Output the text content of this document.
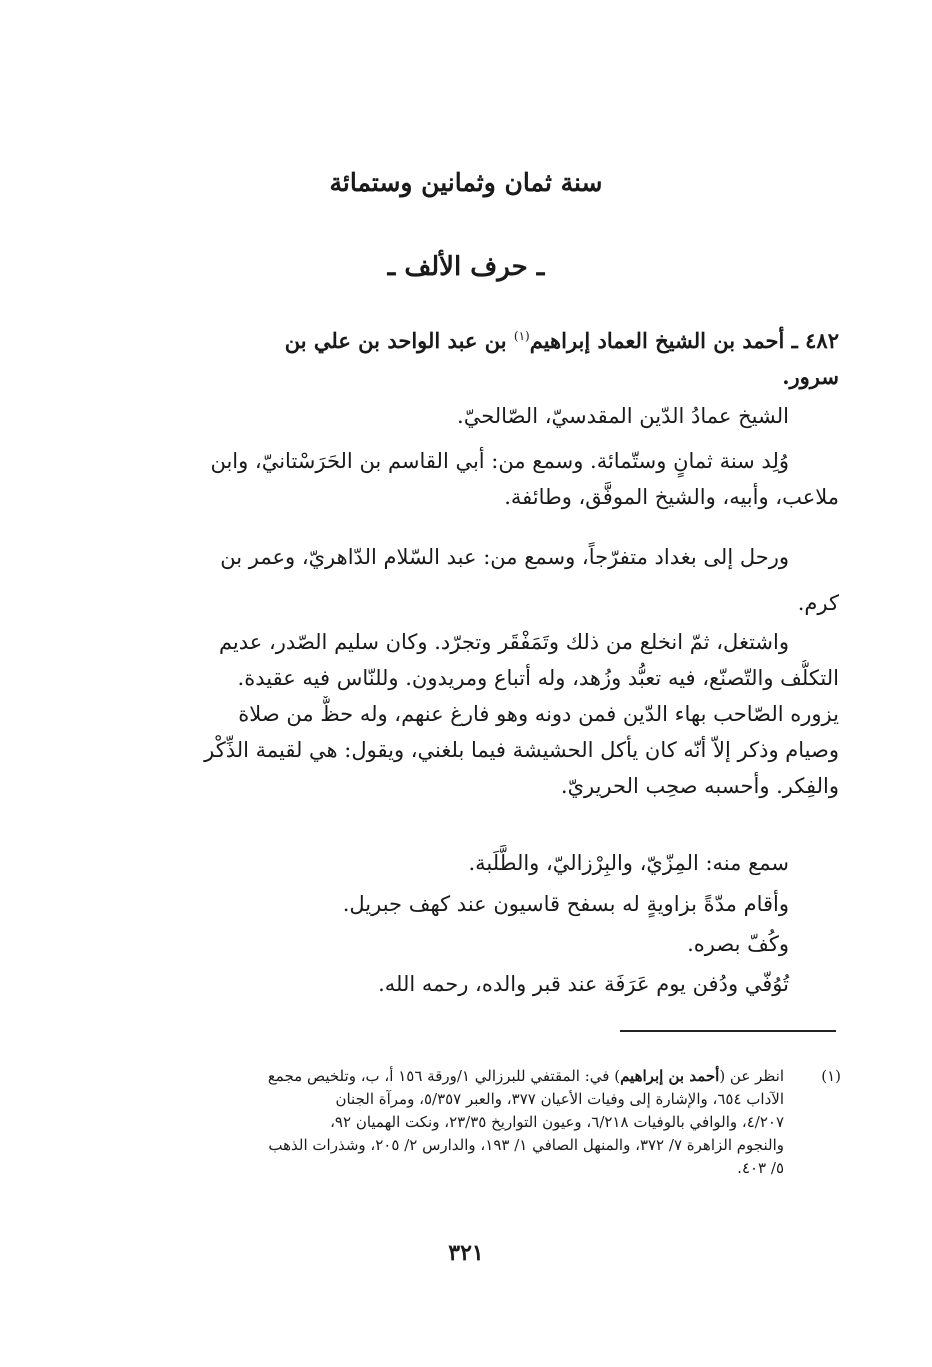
سنة ثمان وثمانين وستمائة
ـ حرف الألف ـ
٤٨٢ ـ أحمد بن الشيخ العماد إبراهيم$^{(١)}$ بن عبد الواحد بن علي بن
سرور.
الشيخ عمادُ الدّين المقدسيّ، الصّالحيّ.
وُلِد سنة ثمانٍ وستّمائة. وسمع من: أبي القاسم بن الحَرَسْتانيّ، وابن
ملاعب، وأبيه، والشيخ الموفَّق، وطائفة.
ورحل إلى بغداد متفرّجاً، وسمع من: عبد السّلام الدّاهريّ، وعمر بن
كرم.
واشتغل، ثمّ انخلع من ذلك وتَمَفْقَر وتجرّد. وكان سليم الصّدر، عديم
التكلُّف والتّصنّع، فيه تعبُّد وزُهد، وله أتباع ومريدون. وللنّاس فيه عقيدة.
يزوره الصّاحب بهاء الدّين فمن دونه وهو فارغ عنهم، وله حظٌّ من صلاة
وصيام وذكر إلاّ أنّه كان يأكل الحشيشة فيما بلغني، ويقول: هي لقيمة الذِّكْر
والفِكر. وأحسبه صحِب الحريريّ.
سمع منه: المِزّيّ، والبِرْزاليّ، والطَّلَبة.
وأقام مدّةً بزاويةٍ له بسفح قاسيون عند كهف جبريل.
وكُفّ بصره.
تُوُفّي ودُفن يوم عَرَفَة عند قبر والده، رحمه الله.
(١)
انظر عن (أحمد بن إبراهيم) في: المقتفي للبرزالي ١/ورقة ١٥٦ أ، ب، وتلخيص مجمع
الآداب ٦٥٤، والإشارة إلى وفيات الأعيان ٣٧٧، والعبر ٥/٣٥٧، ومرآة الجنان
٤/٢٠٧، والوافي بالوفيات ٦/٢١٨، وعيون التواريخ ٢٣/٣٥، ونكت الهميان ٩٢،
والنجوم الزاهرة ٧/ ٣٧٢، والمنهل الصافي ١/ ١٩٣، والدارس ٢/ ٢٠٥، وشذرات الذهب
٥/ ٤٠٣.
٣٢١
